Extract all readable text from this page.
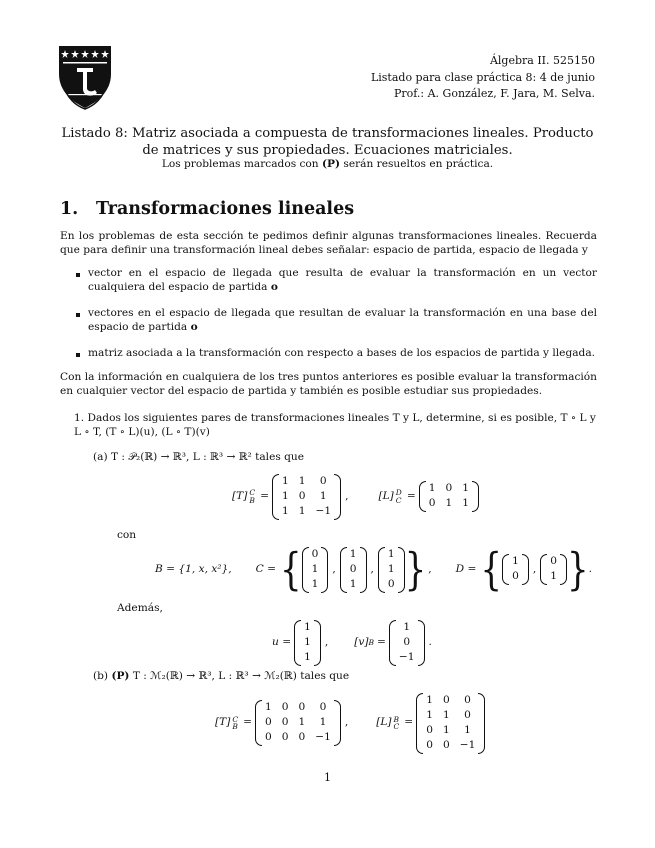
Álgebra II. 525150
Listado para clase práctica 8: 4 de junio
Prof.: A. González, F. Jara, M. Selva.
Listado 8: Matriz asociada a compuesta de transformaciones lineales. Producto de matrices y sus propiedades. Ecuaciones matriciales.
Los problemas marcados con (P) serán resueltos en práctica.
1. Transformaciones lineales
En los problemas de esta sección te pedimos definir algunas transformaciones lineales. Recuerda que para definir una transformación lineal debes señalar: espacio de partida, espacio de llegada y
vector en el espacio de llegada que resulta de evaluar la transformación en un vector cualquiera del espacio de partida o
vectores en el espacio de llegada que resultan de evaluar la transformación en una base del espacio de partida o
matriz asociada a la transformación con respecto a bases de los espacios de partida y llegada.
Con la información en cualquiera de los tres puntos anteriores es posible evaluar la transformación en cualquier vector del espacio de partida y también es posible estudiar sus propiedades.
1. Dados los siguientes pares de transformaciones lineales T y L, determine, si es posible, T ∘ L y L ∘ T, (T ∘ L)(u), (L ∘ T)(v)
(a) T : 𝒫₂(ℝ) → ℝ³, L : ℝ³ → ℝ² tales que
[T] C
B =
1 1	0
1 0	1
1 1 −1
,	[L] D
C =
1 0 1
0 1 1
con
B = {1, x, x²}, C = { 0
1
1
,
1
0
1
,
1
1
0 } , D = { 1
0
,
0
1 } .
Además,
u =
1
1
1
, [v] B =
1
0
−1
.
(b) (P) T : ℳ₂(ℝ) → ℝ³, L : ℝ³ → ℳ₂(ℝ) tales que
[T] C
B =
1 0 0	0
0 0 1	1
0 0 0 −1
,	[L] B
C =
1 0	0
1 1	0
0 1	1
0 0 −1
1
